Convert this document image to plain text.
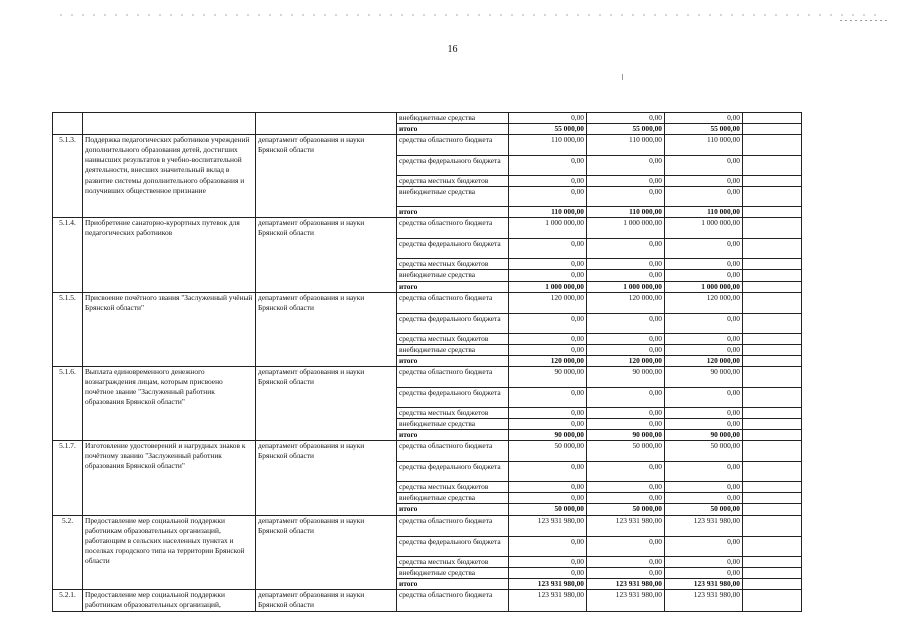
16
			внебюджетные средства	0,00	0,00	0,00	
			итого	55 000,00	55 000,00	55 000,00	
5.1.3.	Поддержка педагогических работников учреждений дополнительного образования детей, достигших наивысших результатов в учебно-воспитательной деятельности, внесших значительный вклад в развитие системы дополнительного образования и получивших общественное признание	департамент образования и науки Брянской области	средства областного бюджета	110 000,00	110 000,00	110 000,00	
			средства федерального бюджета	0,00	0,00	0,00	
			средства местных бюджетов	0,00	0,00	0,00	
			внебюджетные средства	0,00	0,00	0,00	
			итого	110 000,00	110 000,00	110 000,00	
5.1.4.	Приобретение санаторно-курортных путевок для педагогических работников	департамент образования и науки Брянской области	средства областного бюджета	1 000 000,00	1 000 000,00	1 000 000,00	
			средства федерального бюджета	0,00	0,00	0,00	
			средства местных бюджетов	0,00	0,00	0,00	
			внебюджетные средства	0,00	0,00	0,00	
			итого	1 000 000,00	1 000 000,00	1 000 000,00	
5.1.5.	Присвоение почётного звания "Заслуженный учёный Брянской области"	департамент образования и науки Брянской области	средства областного бюджета	120 000,00	120 000,00	120 000,00	
			средства федерального бюджета	0,00	0,00	0,00	
			средства местных бюджетов	0,00	0,00	0,00	
			внебюджетные средства	0,00	0,00	0,00	
			итого	120 000,00	120 000,00	120 000,00	
5.1.6.	Выплата единовременного денежного вознаграждения лицам, которым присвоено почётное звание "Заслуженный работник образования Брянской области"	департамент образования и науки Брянской области	средства областного бюджета	90 000,00	90 000,00	90 000,00	
			средства федерального бюджета	0,00	0,00	0,00	
			средства местных бюджетов	0,00	0,00	0,00	
			внебюджетные средства	0,00	0,00	0,00	
			итого	90 000,00	90 000,00	90 000,00	
5.1.7.	Изготовление удостоверений и нагрудных знаков к почётному званию "Заслуженный работник образования Брянской области"	департамент образования и науки Брянской области	средства областного бюджета	50 000,00	50 000,00	50 000,00	
			средства федерального бюджета	0,00	0,00	0,00	
			средства местных бюджетов	0,00	0,00	0,00	
			внебюджетные средства	0,00	0,00	0,00	
			итого	50 000,00	50 000,00	50 000,00	
5.2.	Предоставление мер социальной поддержки работникам образовательных организаций, работающим в сельских населенных пунктах и поселках городского типа на территории Брянской области	департамент образования и науки Брянской области	средства областного бюджета	123 931 980,00	123 931 980,00	123 931 980,00	
			средства федерального бюджета	0,00	0,00	0,00	
			средства местных бюджетов	0,00	0,00	0,00	
			внебюджетные средства	0,00	0,00	0,00	
			итого	123 931 980,00	123 931 980,00	123 931 980,00	
5.2.1.	Предоставление мер социальной поддержки работникам образовательных организаций,	департамент образования и науки Брянской области	средства областного бюджета	123 931 980,00	123 931 980,00	123 931 980,00	
